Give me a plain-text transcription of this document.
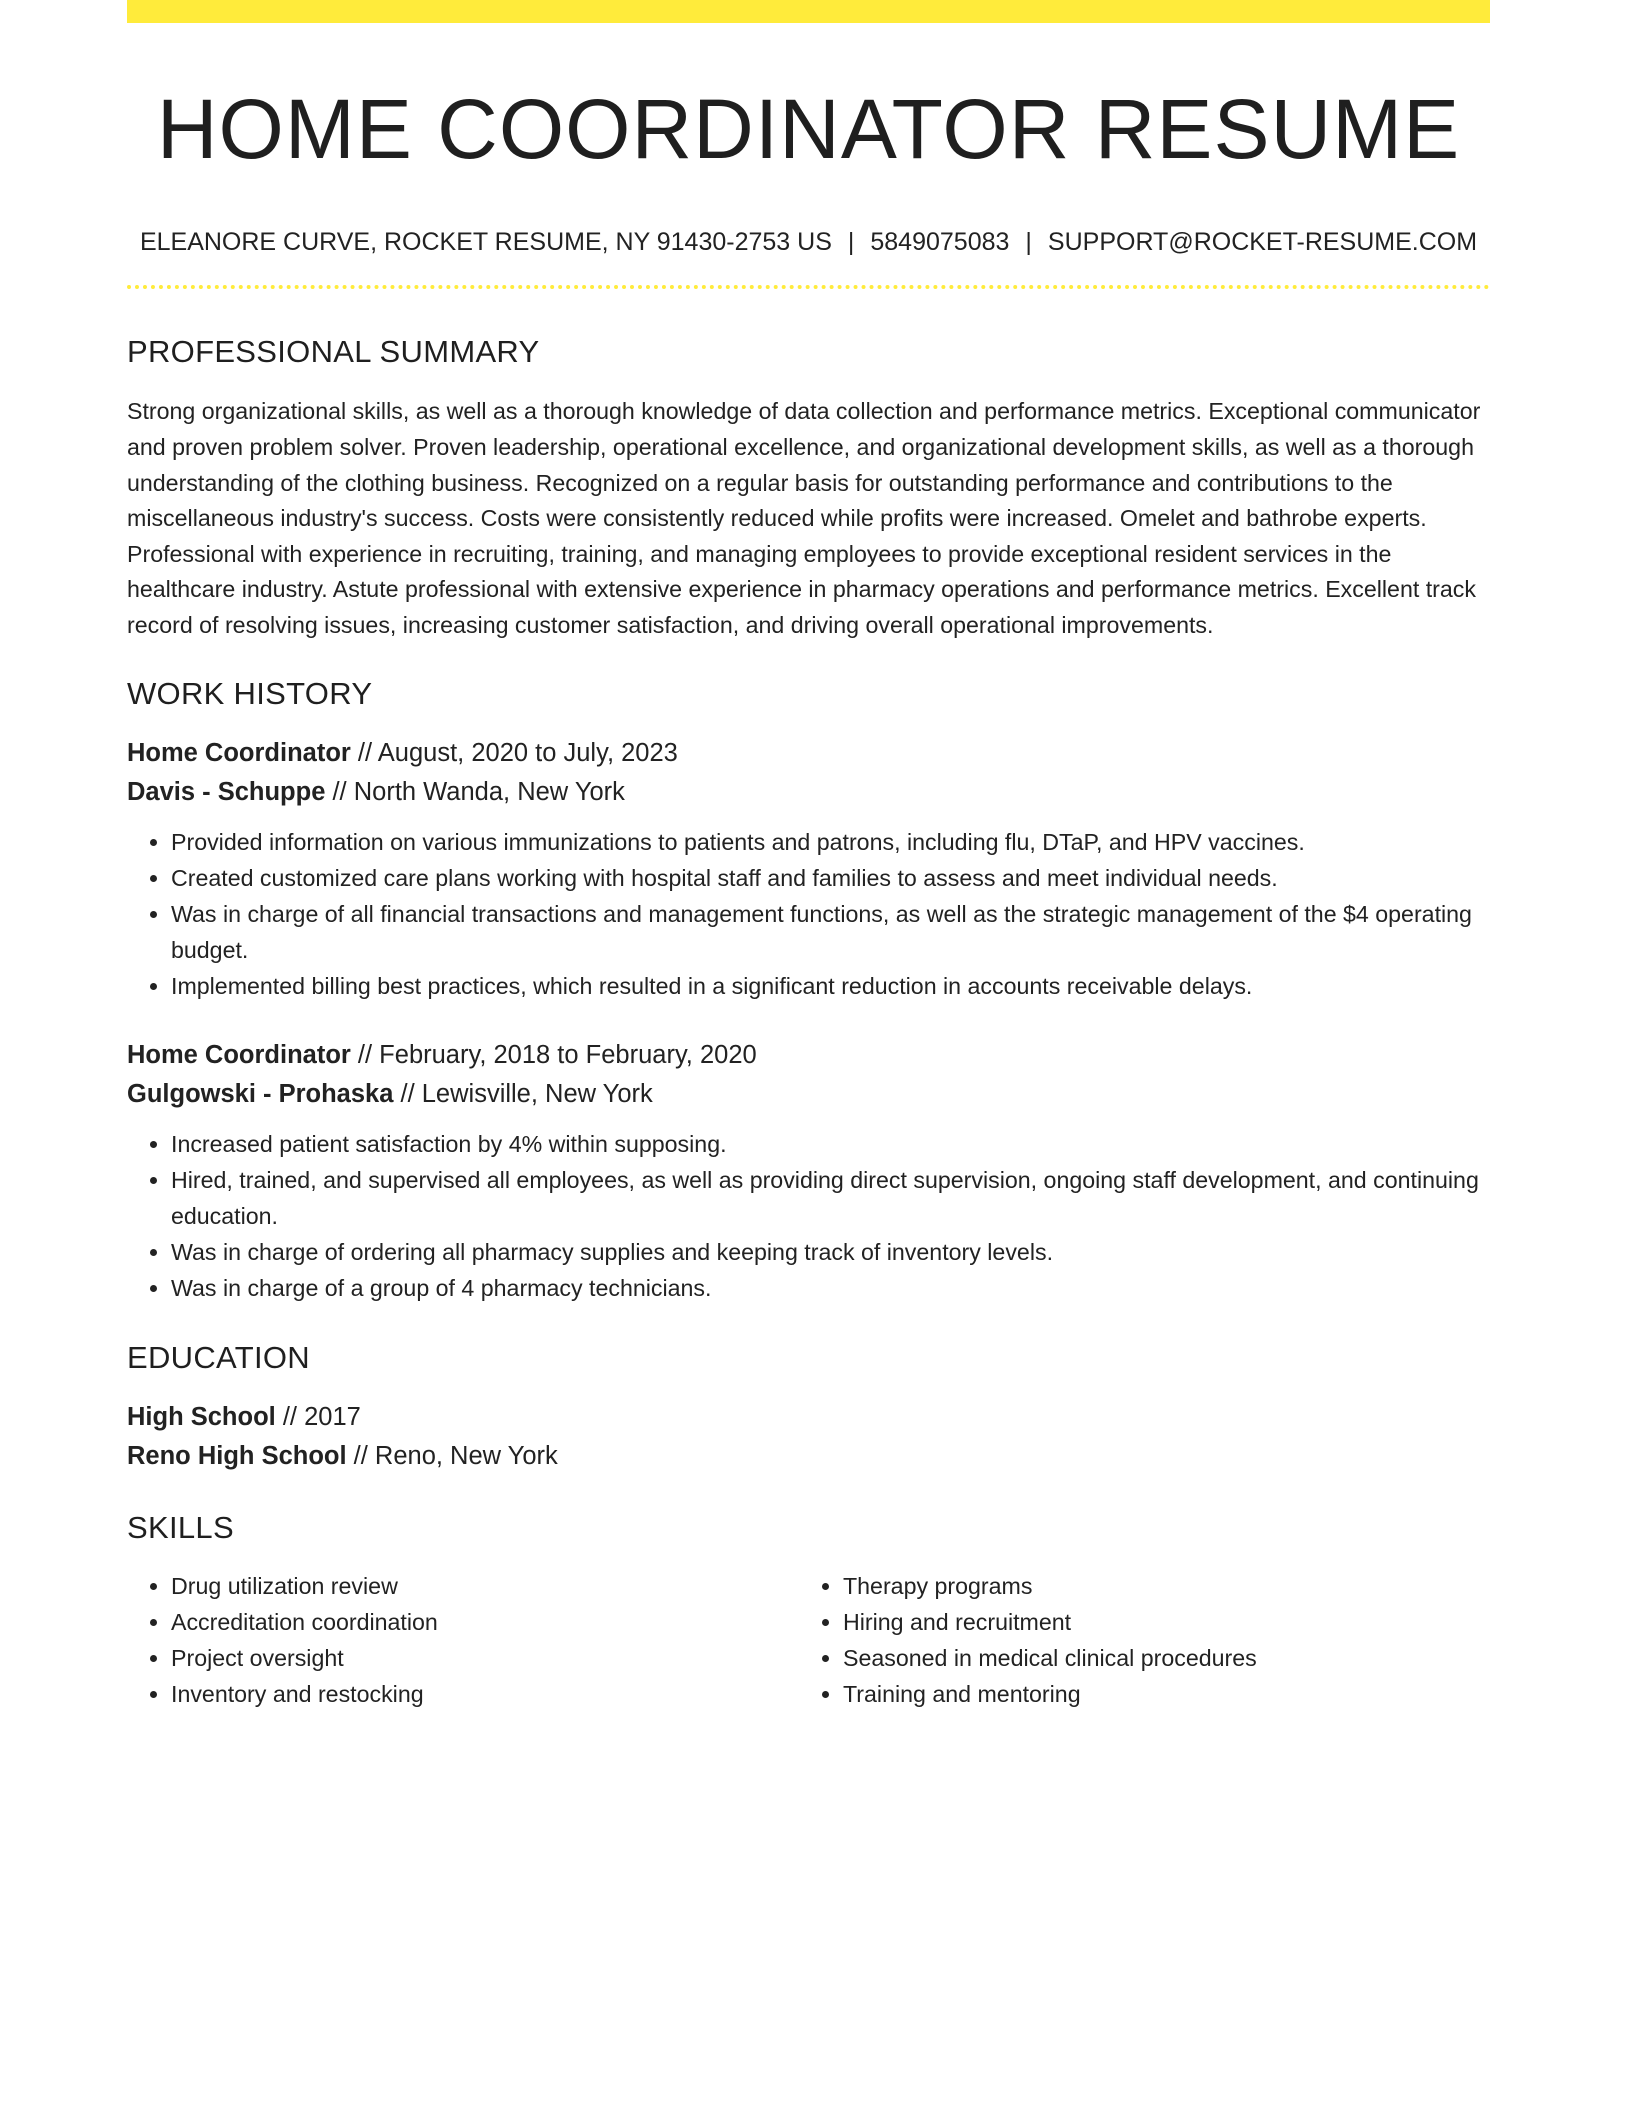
HOME COORDINATOR RESUME
ELEANORE CURVE, ROCKET RESUME, NY 91430-2753 US | 5849075083 | SUPPORT@ROCKET-RESUME.COM
PROFESSIONAL SUMMARY
Strong organizational skills, as well as a thorough knowledge of data collection and performance metrics. Exceptional communicator and proven problem solver. Proven leadership, operational excellence, and organizational development skills, as well as a thorough understanding of the clothing business. Recognized on a regular basis for outstanding performance and contributions to the miscellaneous industry's success. Costs were consistently reduced while profits were increased. Omelet and bathrobe experts. Professional with experience in recruiting, training, and managing employees to provide exceptional resident services in the healthcare industry. Astute professional with extensive experience in pharmacy operations and performance metrics. Excellent track record of resolving issues, increasing customer satisfaction, and driving overall operational improvements.
WORK HISTORY
Home Coordinator // August, 2020 to July, 2023
Davis - Schuppe // North Wanda, New York
• Provided information on various immunizations to patients and patrons, including flu, DTaP, and HPV vaccines.
• Created customized care plans working with hospital staff and families to assess and meet individual needs.
• Was in charge of all financial transactions and management functions, as well as the strategic management of the $4 operating budget.
• Implemented billing best practices, which resulted in a significant reduction in accounts receivable delays.
Home Coordinator // February, 2018 to February, 2020
Gulgowski - Prohaska // Lewisville, New York
• Increased patient satisfaction by 4% within supposing.
• Hired, trained, and supervised all employees, as well as providing direct supervision, ongoing staff development, and continuing education.
• Was in charge of ordering all pharmacy supplies and keeping track of inventory levels.
• Was in charge of a group of 4 pharmacy technicians.
EDUCATION
High School // 2017
Reno High School // Reno, New York
SKILLS
• Drug utilization review
• Accreditation coordination
• Project oversight
• Inventory and restocking
• Therapy programs
• Hiring and recruitment
• Seasoned in medical clinical procedures
• Training and mentoring
